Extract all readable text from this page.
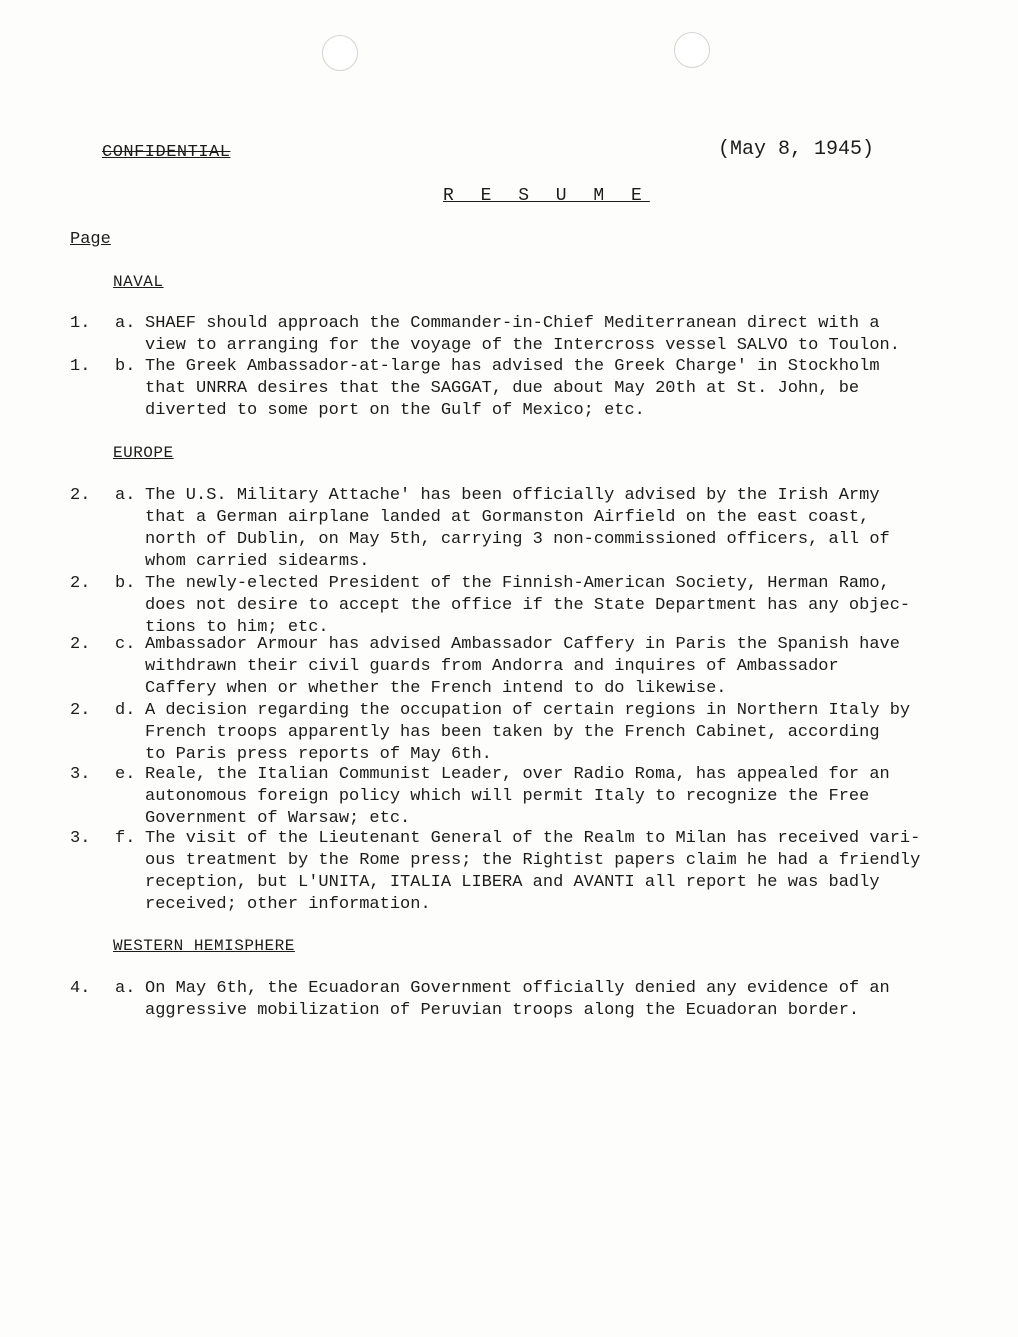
CONFIDENTIAL	(May 8, 1945)
R E S U M E
Page
NAVAL
1.	a. SHAEF should approach the Commander-in-Chief Mediterranean direct with a
view to arranging for the voyage of the Intercross vessel SALVO to Toulon.
1.	b. The Greek Ambassador-at-large has advised the Greek Charge' in Stockholm
that UNRRA desires that the SAGGAT, due about May 20th at St. John, be
diverted to some port on the Gulf of Mexico; etc.
EUROPE
2.	a. The U.S. Military Attache' has been officially advised by the Irish Army
that a German airplane landed at Gormanston Airfield on the east coast,
north of Dublin, on May 5th, carrying 3 non-commissioned officers, all of
whom carried sidearms.
2.	b. The newly-elected President of the Finnish-American Society, Herman Ramo,
does not desire to accept the office if the State Department has any objec-
tions to him; etc.
2.	c. Ambassador Armour has advised Ambassador Caffery in Paris the Spanish have
withdrawn their civil guards from Andorra and inquires of Ambassador
Caffery when or whether the French intend to do likewise.
2.	d. A decision regarding the occupation of certain regions in Northern Italy by
French troops apparently has been taken by the French Cabinet, according
to Paris press reports of May 6th.
3.	e. Reale, the Italian Communist Leader, over Radio Roma, has appealed for an
autonomous foreign policy which will permit Italy to recognize the Free
Government of Warsaw; etc.
3.	f. The visit of the Lieutenant General of the Realm to Milan has received vari-
ous treatment by the Rome press; the Rightist papers claim he had a friendly
reception, but L'UNITA, ITALIA LIBERA and AVANTI all report he was badly
received; other information.
WESTERN HEMISPHERE
4.	a. On May 6th, the Ecuadoran Government officially denied any evidence of an
aggressive mobilization of Peruvian troops along the Ecuadoran border.
